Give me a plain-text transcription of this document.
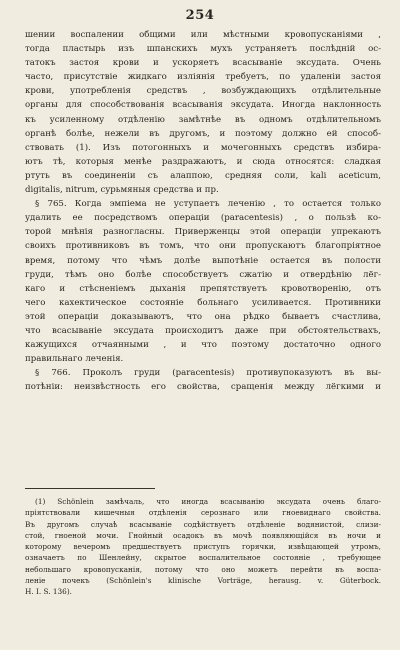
254
шении воспалении общими или мѣстными кровопусканіями ,
тогда пластырь изъ шпанскихъ мухъ устраняетъ послѣдній ос-
татокъ застоя крови и ускоряетъ всасываніе эксудата. Очень
часто, присутствіе жидкаго изліянія требуетъ, по удаленіи застоя
крови, употребленія средствъ , возбуждающихъ отдѣлительные
органы для способствованія всасыванія эксудата. Иногда наклонность
къ усиленному отдѣленію замѣтнѣе въ одномъ отдѣлительномъ
органѣ болѣе, нежели въ другомъ, и поэтому должно ей способ-
ствовать (1). Изъ потогонныхъ и мочегонныхъ средствъ избира-
ютъ тѣ, которыя менѣе раздражаютъ, и сюда относятся: сладкая
ртуть въ соединеніи съ алаппою, средняя соли, kali aceticum,
digitalis, nitrum, сурьмяныя средства и пр.
§ 765. Когда эмпіема не уступаетъ леченію , то остается только
удалить ее посредствомъ операціи (paracentesis) , о пользѣ ко-
торой мнѣнія разногласны. Приверженцы этой операціи упрекаютъ
своихъ противниковъ въ томъ, что они пропускаютъ благопріятное
время, потому что чѣмъ долѣе выпотѣніе остается въ полости
груди, тѣмъ оно болѣе способствуетъ сжатію и отвердѣнію лёг-
каго и стѣсненіемъ дыханія препятствуетъ кровотворенію, отъ
чего кахектическое состояніе больнаго усиливается. Противники
этой операціи доказываютъ, что она рѣдко бываетъ счастлива,
что всасываніе эксудата происходитъ даже при обстоятельствахъ,
кажущихся отчаянными , и что поэтому достаточно одного
правильнаго леченія.
§ 766. Проколъ груди (paracentesis) противупоказуютъ въ вы-
потѣніи: неизвѣстность его свойства, сращенія между лёгкими и
(1) Schönlein замѣчаль, что иногда всасыванію эксудата очень благо-
пріятствовали кишечныя отдѣленія серознаго или гноевиднаго свойства.
Въ другомъ случаѣ всасываніе содѣйствуетъ отдѣленіе водянистой, слизи-
стой, гноеной мочи. Гнойный осадокъ въ мочѣ появляющійся въ ночи и
которому вечеромъ предшествуетъ приступъ горячки, извѣщающей утромъ,
означаетъ по Шенлейну, скрытое воспалительное состояніе , требующее
небольшаго кровопусканія, потому что оно можетъ перейти въ воспа-
леніе почекъ (Schönlein's klinische Vorträge, herausg. v. Güterbock.
H. I. S. 136).
